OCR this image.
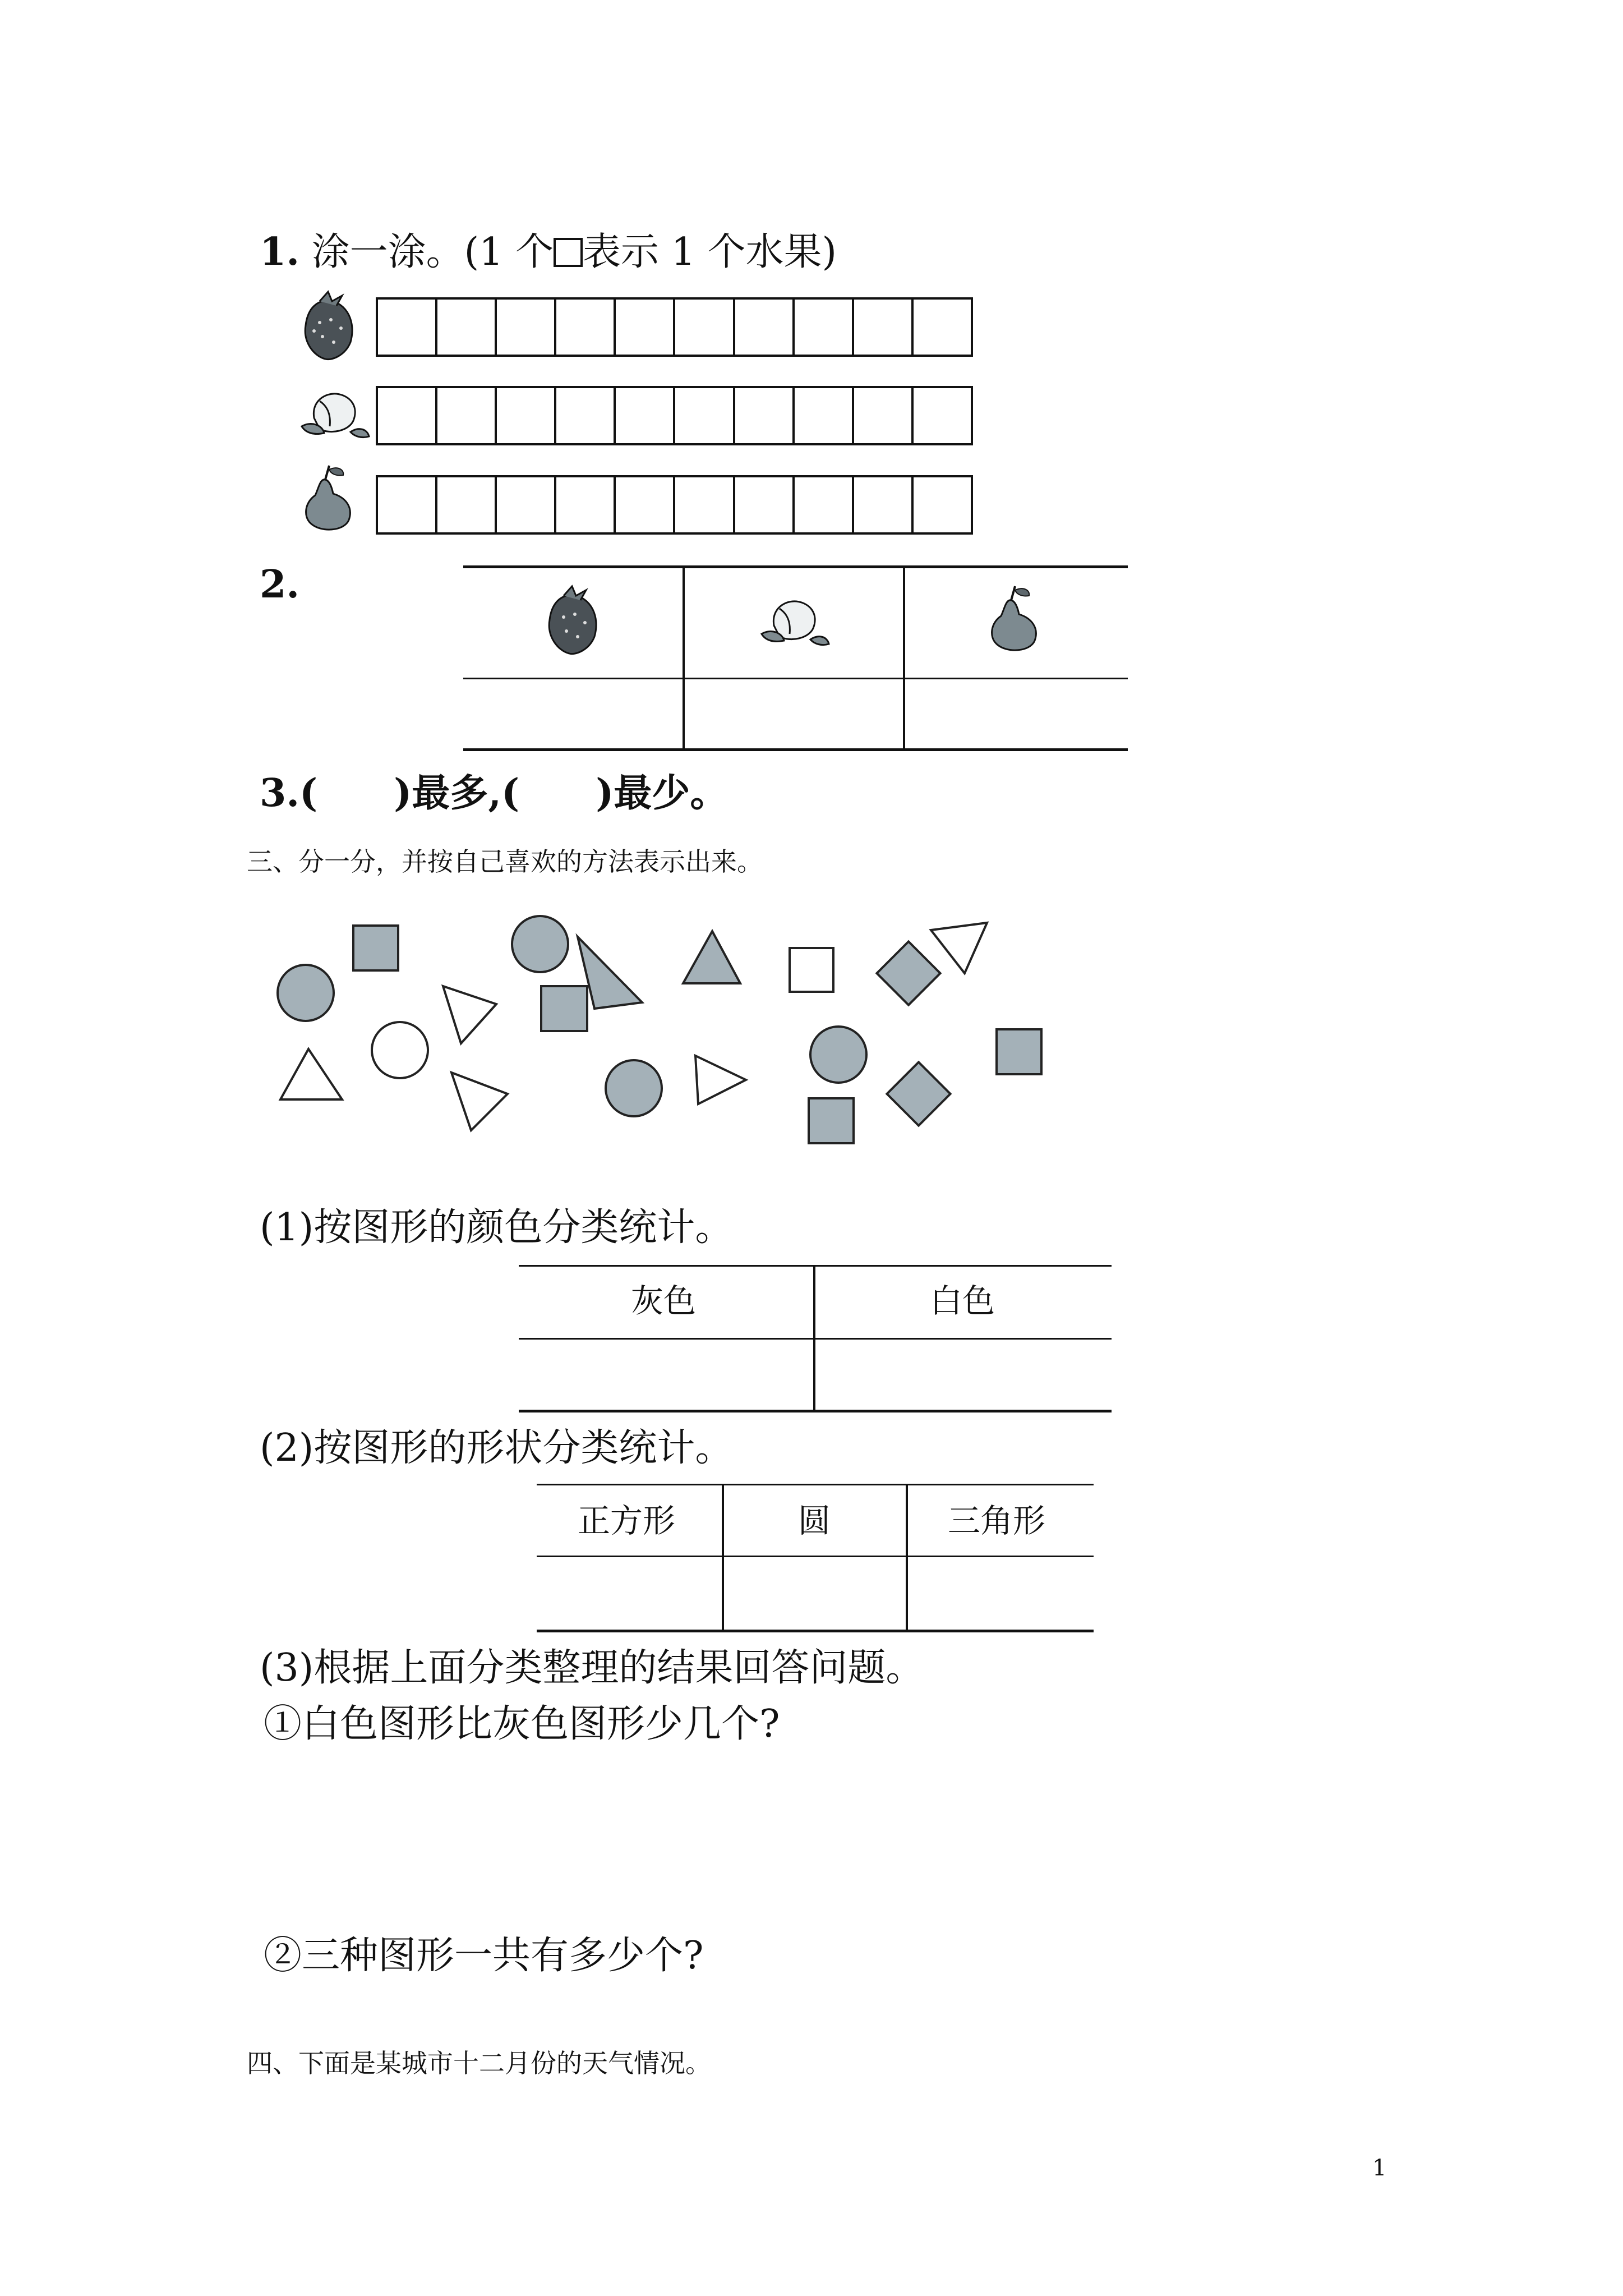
1. 涂一涂。(1 个 表示 1 个水果)
2.
3.(　　)最多,(　　)最少。
三、分一分，并按自己喜欢的方法表示出来。
(1)按图形的颜色分类统计。
灰色	白色
(2)按图形的形状分类统计。
正方形	圆	三角形
(3)根据上面分类整理的结果回答问题。
①白色图形比灰色图形少几个?
②三种图形一共有多少个?
四、下面是某城市十二月份的天气情况。
1
